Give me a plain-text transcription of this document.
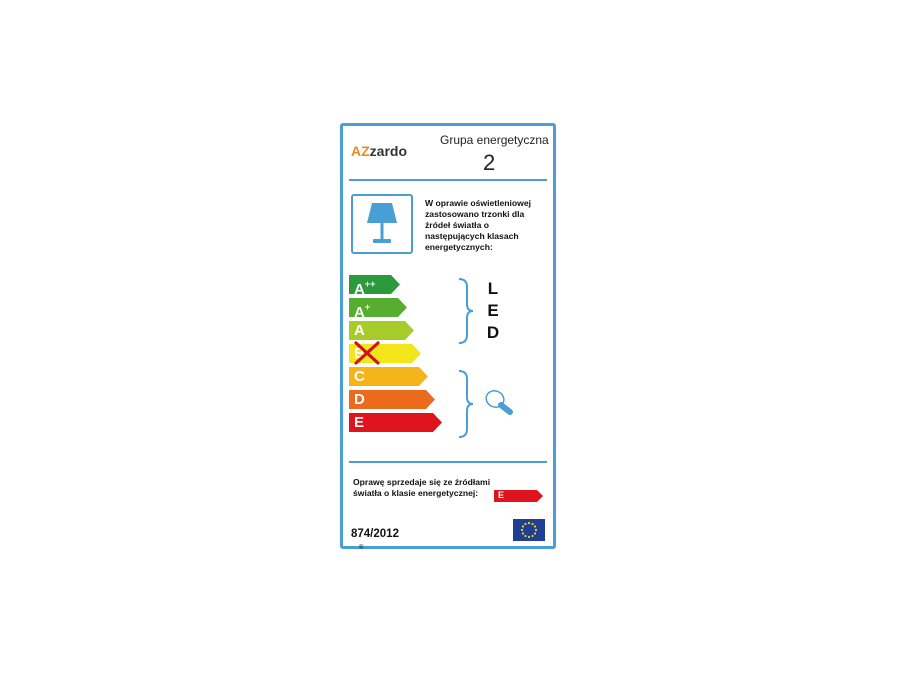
AZzardo
®
Grupa energetyczna
2
W oprawie oświetleniowej zastosowano trzonki dla źródeł światła o następujących klasach energetycznych:
A++
A+
A
B
C
D
E
L
E
D
Oprawę sprzedaje się ze źródłami światła o klasie energetycznej:	E
874/2012
